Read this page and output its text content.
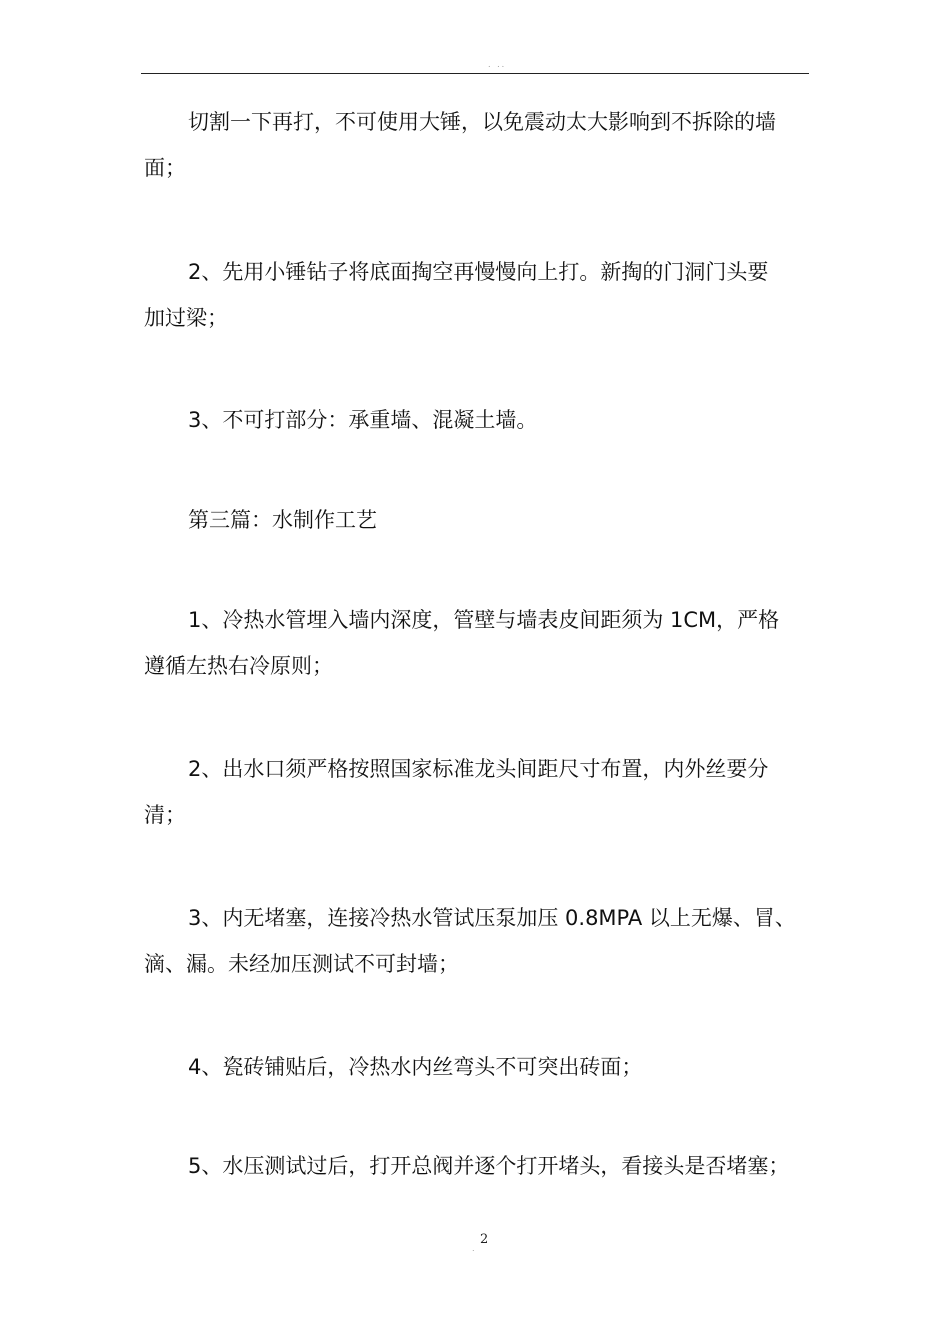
. ..
切割一下再打，不可使用大锤，以免震动太大影响到不拆除的墙
面；
2、先用小锤钻子将底面掏空再慢慢向上打。新掏的门洞门头要
加过梁；
3、不可打部分：承重墙、混凝土墙。
第三篇：水制作工艺
1、冷热水管埋入墙内深度，管壁与墙表皮间距须为 1CM，严格
遵循左热右冷原则；
2、出水口须严格按照国家标准龙头间距尺寸布置，内外丝要分
清；
3、内无堵塞，连接冷热水管试压泵加压 0.8MPA 以上无爆、冒、
滴、漏。未经加压测试不可封墙；
4、瓷砖铺贴后，冷热水内丝弯头不可突出砖面；
5、水压测试过后，打开总阀并逐个打开堵头，看接头是否堵塞；
2
.
